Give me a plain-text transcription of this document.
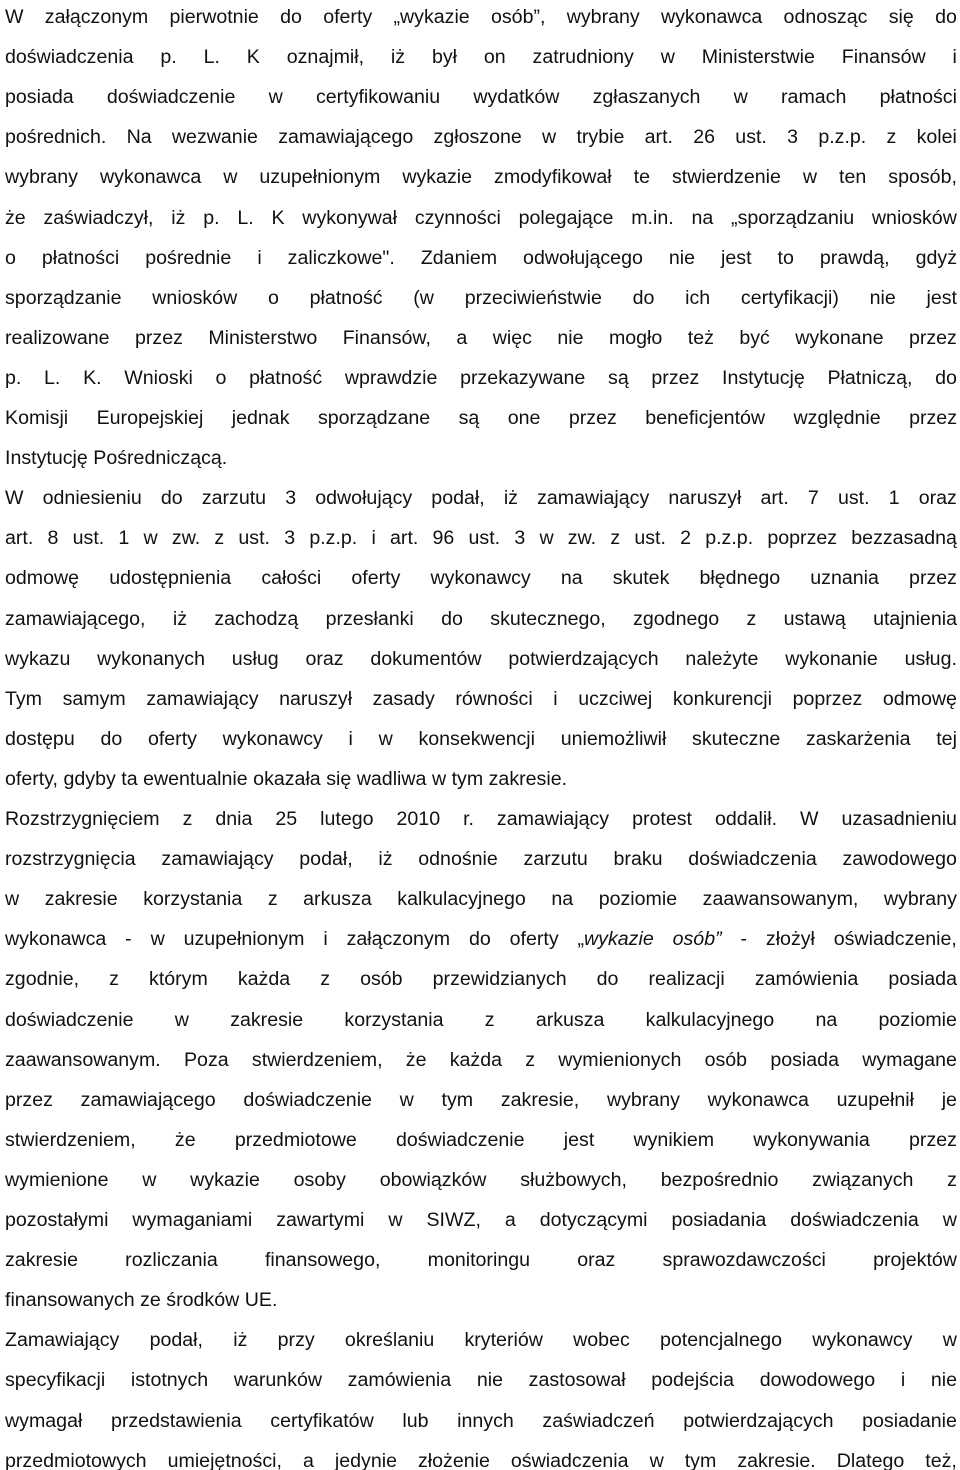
W załączonym pierwotnie do oferty „wykazie osób”, wybrany wykonawca odnosząc się do
doświadczenia p. L. K oznajmił, iż był on zatrudniony w Ministerstwie Finansów i
posiada doświadczenie w certyfikowaniu wydatków zgłaszanych w ramach płatności
pośrednich. Na wezwanie zamawiającego zgłoszone w trybie art. 26 ust. 3 p.z.p. z kolei
wybrany wykonawca w uzupełnionym wykazie zmodyfikował te stwierdzenie w ten sposób,
że zaświadczył, iż p. L. K wykonywał czynności polegające m.in. na „sporządzaniu wniosków
o płatności pośrednie i zaliczkowe". Zdaniem odwołującego nie jest to prawdą, gdyż
sporządzanie wniosków o płatność (w przeciwieństwie do ich certyfikacji) nie jest
realizowane przez Ministerstwo Finansów, a więc nie mogło też być wykonane przez
p. L. K. Wnioski o płatność wprawdzie przekazywane są przez Instytucję Płatniczą, do
Komisji Europejskiej jednak sporządzane są one przez beneficjentów względnie przez
Instytucję Pośredniczącą.
W odniesieniu do zarzutu 3 odwołujący podał, iż zamawiający naruszył art. 7 ust. 1 oraz
art. 8 ust. 1 w zw. z ust. 3 p.z.p. i art. 96 ust. 3 w zw. z ust. 2 p.z.p. poprzez bezzasadną
odmowę udostępnienia całości oferty wykonawcy na skutek błędnego uznania przez
zamawiającego, iż zachodzą przesłanki do skutecznego, zgodnego z ustawą utajnienia
wykazu wykonanych usług oraz dokumentów potwierdzających należyte wykonanie usług.
Tym samym zamawiający naruszył zasady równości i uczciwej konkurencji poprzez odmowę
dostępu do oferty wykonawcy i w konsekwencji uniemożliwił skuteczne zaskarżenia tej
oferty, gdyby ta ewentualnie okazała się wadliwa w tym zakresie.
Rozstrzygnięciem z dnia 25 lutego 2010 r. zamawiający protest oddalił. W uzasadnieniu
rozstrzygnięcia zamawiający podał, iż odnośnie zarzutu braku doświadczenia zawodowego
w zakresie korzystania z arkusza kalkulacyjnego na poziomie zaawansowanym, wybrany
wykonawca - w uzupełnionym i załączonym do oferty „wykazie osób” - złożył oświadczenie,
zgodnie, z którym każda z osób przewidzianych do realizacji zamówienia posiada
doświadczenie w zakresie korzystania z arkusza kalkulacyjnego na poziomie
zaawansowanym. Poza stwierdzeniem, że każda z wymienionych osób posiada wymagane
przez zamawiającego doświadczenie w tym zakresie, wybrany wykonawca uzupełnił je
stwierdzeniem, że przedmiotowe doświadczenie jest wynikiem wykonywania przez
wymienione w wykazie osoby obowiązków służbowych, bezpośrednio związanych z
pozostałymi wymaganiami zawartymi w SIWZ, a dotyczącymi posiadania doświadczenia w
zakresie rozliczania finansowego, monitoringu oraz sprawozdawczości projektów
finansowanych ze środków UE.
Zamawiający podał, iż przy określaniu kryteriów wobec potencjalnego wykonawcy w
specyfikacji istotnych warunków zamówienia nie zastosował podejścia dowodowego i nie
wymagał przedstawienia certyfikatów lub innych zaświadczeń potwierdzających posiadanie
przedmiotowych umiejętności, a jedynie złożenie oświadczenia w tym zakresie. Dlatego też,
